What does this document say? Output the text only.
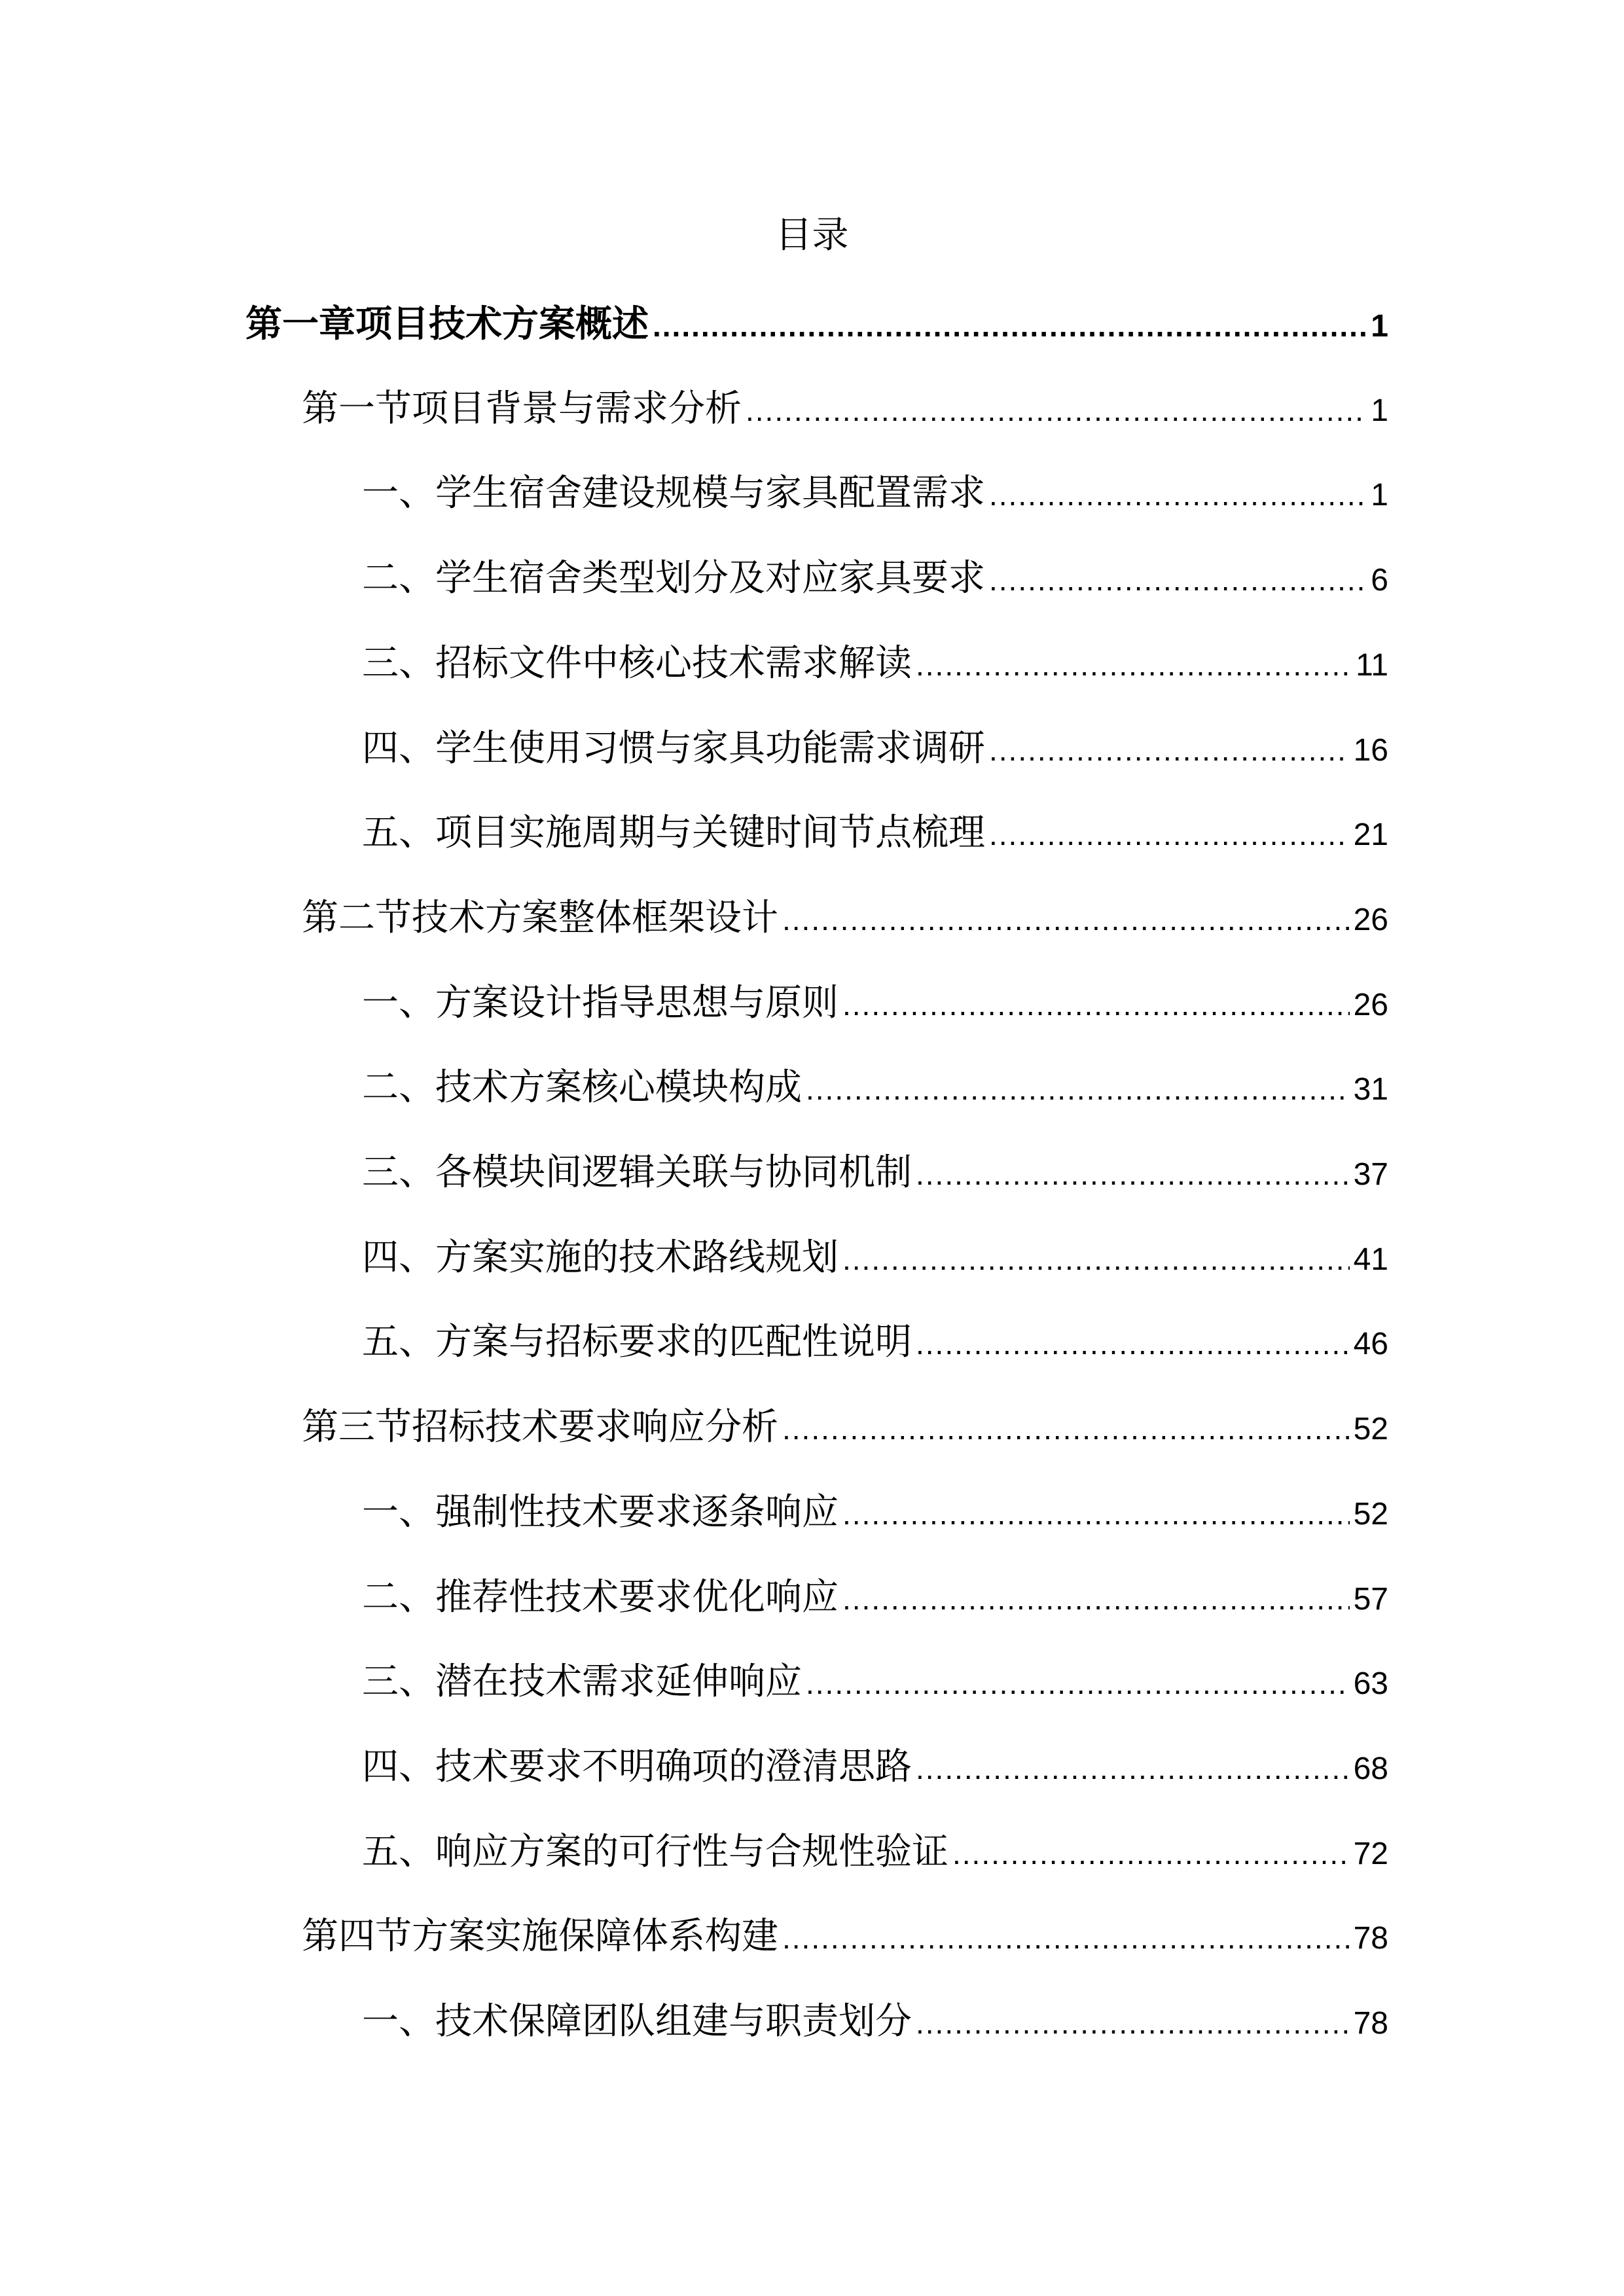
目录
第一章项目技术方案概述 .....	1
第一节项目背景与需求分析 .....	1
一、学生宿舍建设规模与家具配置需求 .....	1
二、学生宿舍类型划分及对应家具要求 .....	6
三、招标文件中核心技术需求解读 .....	11
四、学生使用习惯与家具功能需求调研 .....	16
五、项目实施周期与关键时间节点梳理 .....	21
第二节技术方案整体框架设计 .....	26
一、方案设计指导思想与原则 .....	26
二、技术方案核心模块构成 .....	31
三、各模块间逻辑关联与协同机制 .....	37
四、方案实施的技术路线规划 .....	41
五、方案与招标要求的匹配性说明 .....	46
第三节招标技术要求响应分析 .....	52
一、强制性技术要求逐条响应 .....	52
二、推荐性技术要求优化响应 .....	57
三、潜在技术需求延伸响应 .....	63
四、技术要求不明确项的澄清思路 .....	68
五、响应方案的可行性与合规性验证 .....	72
第四节方案实施保障体系构建 .....	78
一、技术保障团队组建与职责划分 .....	78
